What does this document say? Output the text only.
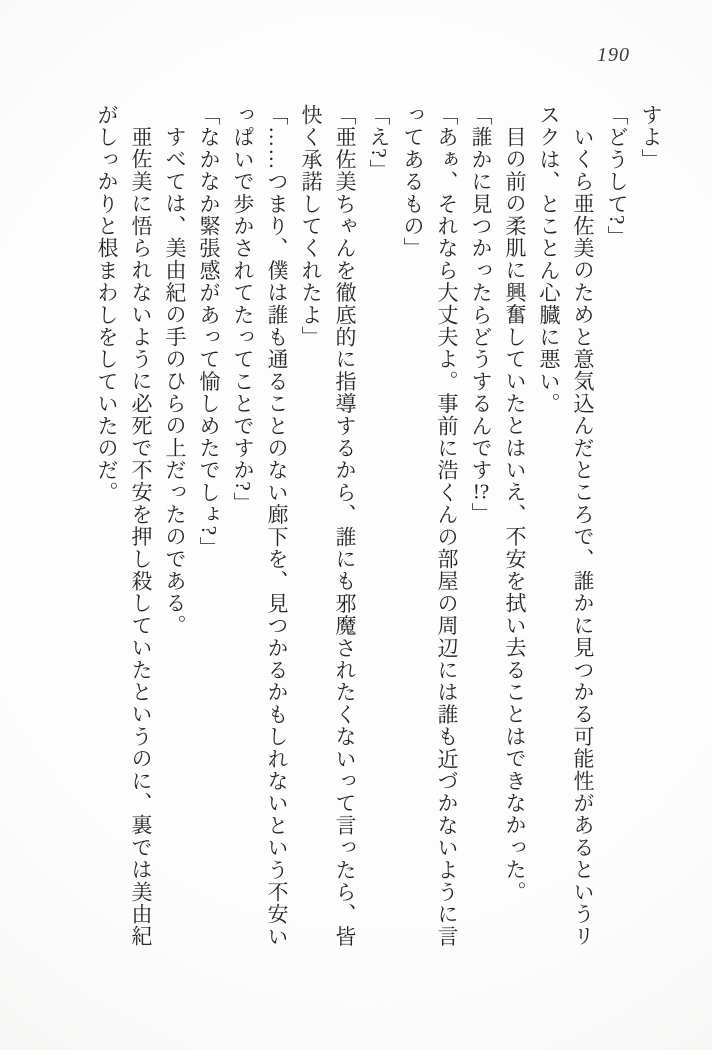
190

すよ」

「どうして?」

いくら亜佐美のためと意気込んだところで、誰かに見つかる可能性があるというリスクは、とことん心臓に悪い。

目の前の柔肌に興奮していたとはいえ、不安を拭い去ることはできなかった。

「誰かに見つかったらどうするんです!?」

「あぁ、それなら大丈夫よ。事前に浩くんの部屋の周辺には誰も近づかないように言ってあるもの」

「え?」

「亜佐美ちゃんを徹底的に指導するから、誰にも邪魔されたくないって言ったら、皆快く承諾してくれたよ」

「……つまり、僕は誰も通ることのない廊下を、見つかるかもしれないという不安いっぱいで歩かされてたってことですか?」

「なかなか緊張感があって愉しめたでしょ?」

すべては、美由紀の手のひらの上だったのである。

亜佐美に悟られないように必死で不安を押し殺していたというのに、裏では美由紀がしっかりと根まわしをしていたのだ。
